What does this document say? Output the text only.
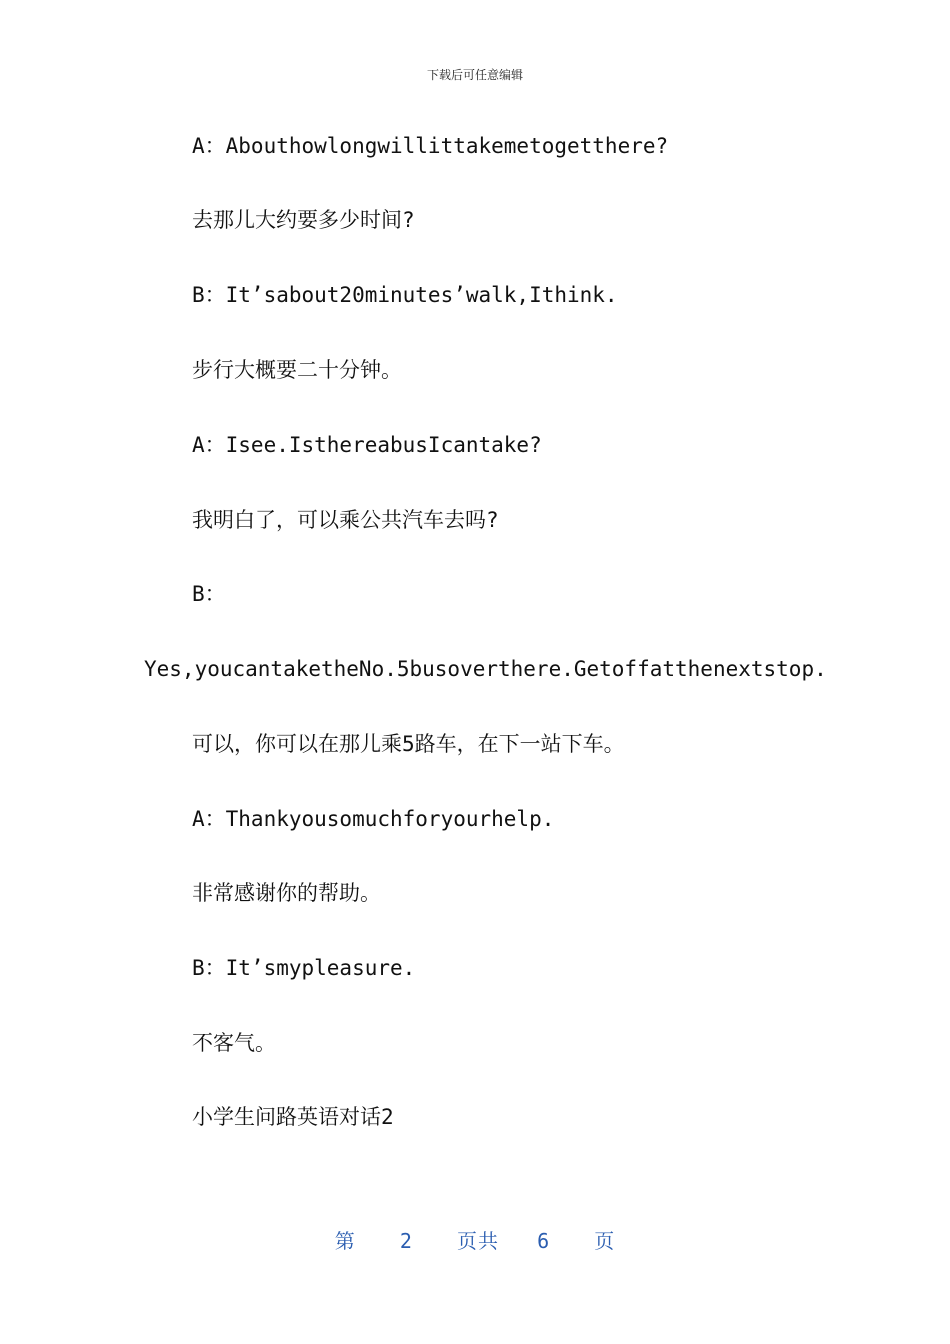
下载后可任意编辑
A：Abouthowlongwillittakemetogetthere?
去那儿大约要多少时间?
B：It’sabout20minutes’walk,Ithink.
步行大概要二十分钟。
A：Isee.IsthereabusIcantake?
我明白了，可以乘公共汽车去吗?
B：
Yes,youcantaketheNo.5busoverthere.Getoffatthenextstop.
可以，你可以在那儿乘5路车，在下一站下车。
A：Thankyousomuchforyourhelp.
非常感谢你的帮助。
B：It’smypleasure.
不客气。
小学生问路英语对话2
第 2 页共 6 页
